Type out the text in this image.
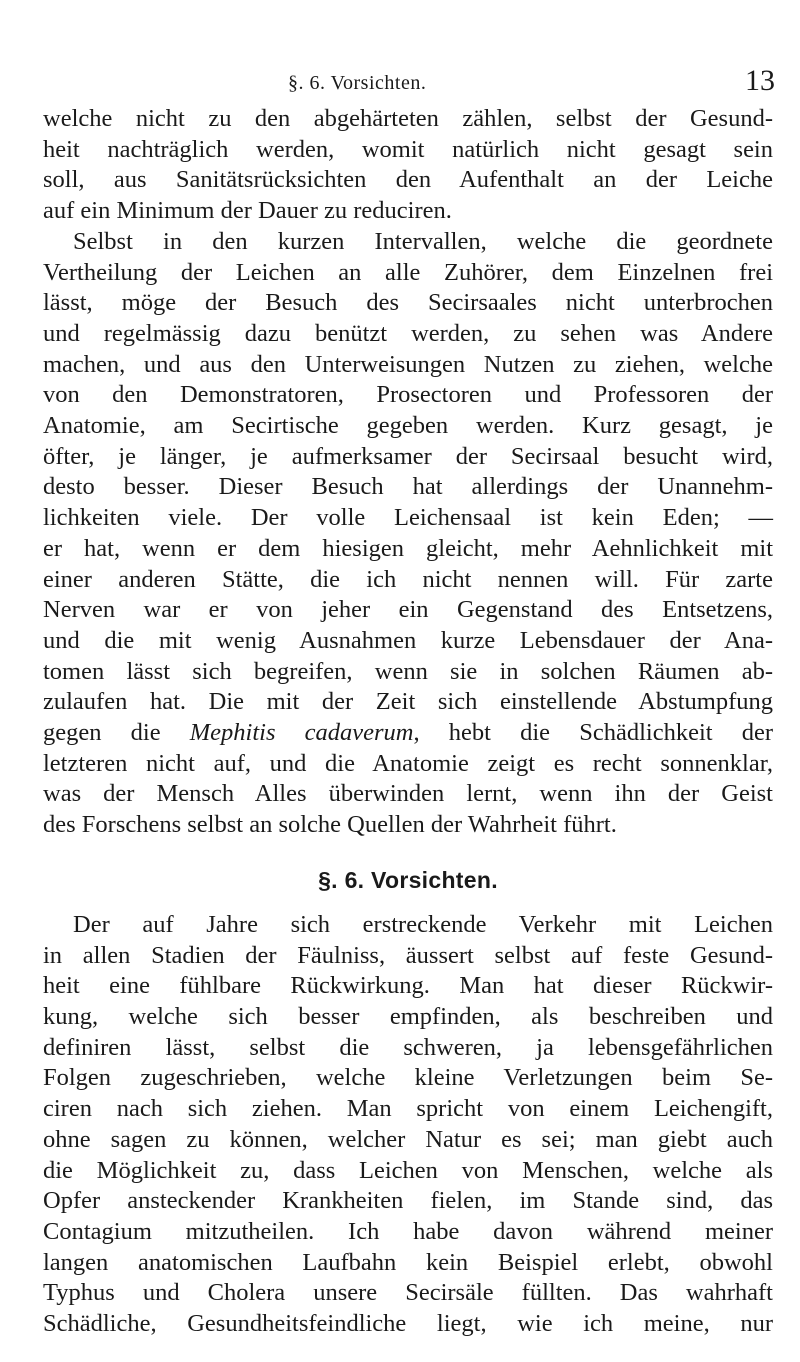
§. 6. Vorsichten.	13

welche nicht zu den abgehärteten zählen, selbst der Gesund-
heit nachträglich werden, womit natürlich nicht gesagt sein
soll, aus Sanitätsrücksichten den Aufenthalt an der Leiche
auf ein Minimum der Dauer zu reduciren.

Selbst in den kurzen Intervallen, welche die geordnete
Vertheilung der Leichen an alle Zuhörer, dem Einzelnen frei
lässt, möge der Besuch des Secirsaales nicht unterbrochen
und regelmässig dazu benützt werden, zu sehen was Andere
machen, und aus den Unterweisungen Nutzen zu ziehen, welche
von den Demonstratoren, Prosectoren und Professoren der
Anatomie, am Secirtische gegeben werden. Kurz gesagt, je
öfter, je länger, je aufmerksamer der Secirsaal besucht wird,
desto besser. Dieser Besuch hat allerdings der Unannehm-
lichkeiten viele. Der volle Leichensaal ist kein Eden; —
er hat, wenn er dem hiesigen gleicht, mehr Aehnlichkeit mit
einer anderen Stätte, die ich nicht nennen will. Für zarte
Nerven war er von jeher ein Gegenstand des Entsetzens,
und die mit wenig Ausnahmen kurze Lebensdauer der Ana-
tomen lässt sich begreifen, wenn sie in solchen Räumen ab-
zulaufen hat. Die mit der Zeit sich einstellende Abstumpfung
gegen die Mephitis cadaverum, hebt die Schädlichkeit der
letzteren nicht auf, und die Anatomie zeigt es recht sonnenklar,
was der Mensch Alles überwinden lernt, wenn ihn der Geist
des Forschens selbst an solche Quellen der Wahrheit führt.

§. 6. Vorsichten.

Der auf Jahre sich erstreckende Verkehr mit Leichen
in allen Stadien der Fäulniss, äussert selbst auf feste Gesund-
heit eine fühlbare Rückwirkung. Man hat dieser Rückwir-
kung, welche sich besser empfinden, als beschreiben und
definiren lässt, selbst die schweren, ja lebensgefährlichen
Folgen zugeschrieben, welche kleine Verletzungen beim Se-
ciren nach sich ziehen. Man spricht von einem Leichengift,
ohne sagen zu können, welcher Natur es sei; man giebt auch
die Möglichkeit zu, dass Leichen von Menschen, welche als
Opfer ansteckender Krankheiten fielen, im Stande sind, das
Contagium mitzutheilen. Ich habe davon während meiner
langen anatomischen Laufbahn kein Beispiel erlebt, obwohl
Typhus und Cholera unsere Secirsäle füllten. Das wahrhaft
Schädliche, Gesundheitsfeindliche liegt, wie ich meine, nur
